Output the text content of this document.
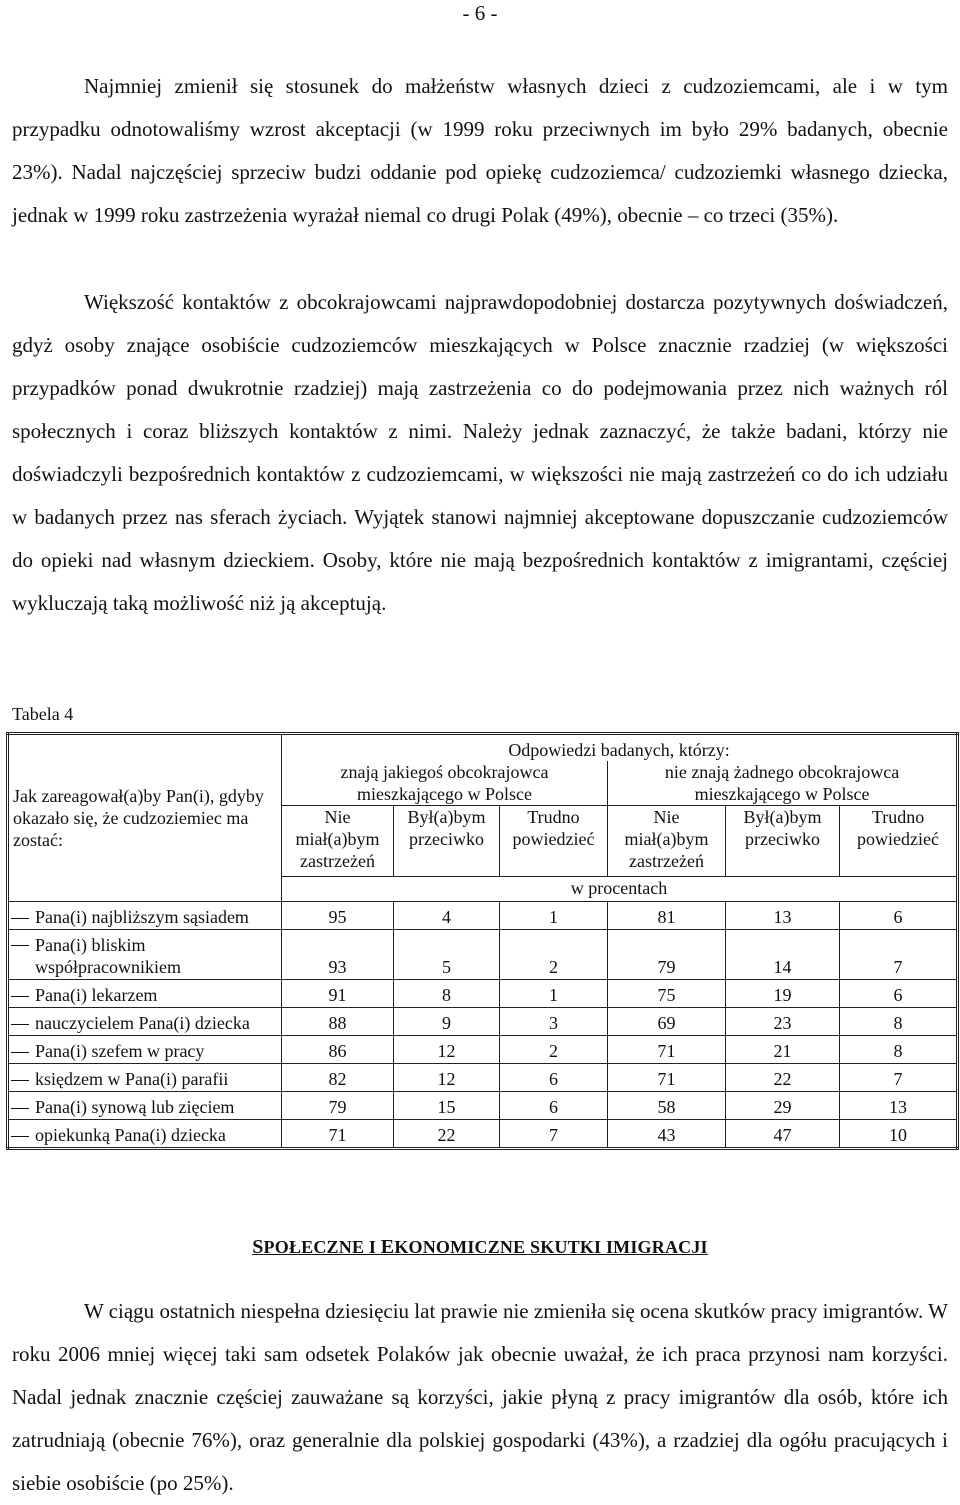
- 6 -

Najmniej zmienił się stosunek do małżeństw własnych dzieci z cudzoziemcami, ale i w tym przypadku odnotowaliśmy wzrost akceptacji (w 1999 roku przeciwnych im było 29% badanych, obecnie 23%). Nadal najczęściej sprzeciw budzi oddanie pod opiekę cudzoziemca/ cudzoziemki własnego dziecka, jednak w 1999 roku zastrzeżenia wyrażał niemal co drugi Polak (49%), obecnie – co trzeci (35%).

Większość kontaktów z obcokrajowcami najprawdopodobniej dostarcza pozytywnych doświadczeń, gdyż osoby znające osobiście cudzoziemców mieszkających w Polsce znacznie rzadziej (w większości przypadków ponad dwukrotnie rzadziej) mają zastrzeżenia co do podejmowania przez nich ważnych ról społecznych i coraz bliższych kontaktów z nimi. Należy jednak zaznaczyć, że także badani, którzy nie doświadczyli bezpośrednich kontaktów z cudzoziemcami, w większości nie mają zastrzeżeń co do ich udziału w badanych przez nas sferach życiach. Wyjątek stanowi najmniej akceptowane dopuszczanie cudzoziemców do opieki nad własnym dzieckiem. Osoby, które nie mają bezpośrednich kontaktów z imigrantami, częściej wykluczają taką możliwość niż ją akceptują.

Tabela 4
Jak zareagował(a)by Pan(i), gdyby okazało się, że cudzoziemiec ma zostać:	Odpowiedzi badanych, którzy:					
	znają jakiegoś obcokrajowca mieszkającego w Polsce			nie znają żadnego obcokrajowca mieszkającego w Polsce		
	Nie miał(a)bym zastrzeżeń	Był(a)bym przeciwko	Trudno powiedzieć	Nie miał(a)bym zastrzeżeń	Był(a)bym przeciwko	Trudno powiedzieć
	w procentach					
Pana(i) najbliższym sąsiadem	95	4	1	81	13	6

Pana(i) bliskim współpracownikiem	93	5	2	79	14	7
Pana(i) lekarzem	91	8	1	75	19	6
nauczycielem Pana(i) dziecka	88	9	3	69	23	8
Pana(i) szefem w pracy	86	12	2	71	21	8
księdzem w Pana(i) parafii	82	12	6	71	22	7
Pana(i) synową lub zięciem	79	15	6	58	29	13
opiekunką Pana(i) dziecka	71	22	7	43	47	10
SPOŁECZNE I EKONOMICZNE SKUTKI IMIGRACJI

W ciągu ostatnich niespełna dziesięciu lat prawie nie zmieniła się ocena skutków pracy imigrantów. W roku 2006 mniej więcej taki sam odsetek Polaków jak obecnie uważał, że ich praca przynosi nam korzyści. Nadal jednak znacznie częściej zauważane są korzyści, jakie płyną z pracy imigrantów dla osób, które ich zatrudniają (obecnie 76%), oraz generalnie dla polskiej gospodarki (43%), a rzadziej dla ogółu pracujących i siebie osobiście (po 25%).
